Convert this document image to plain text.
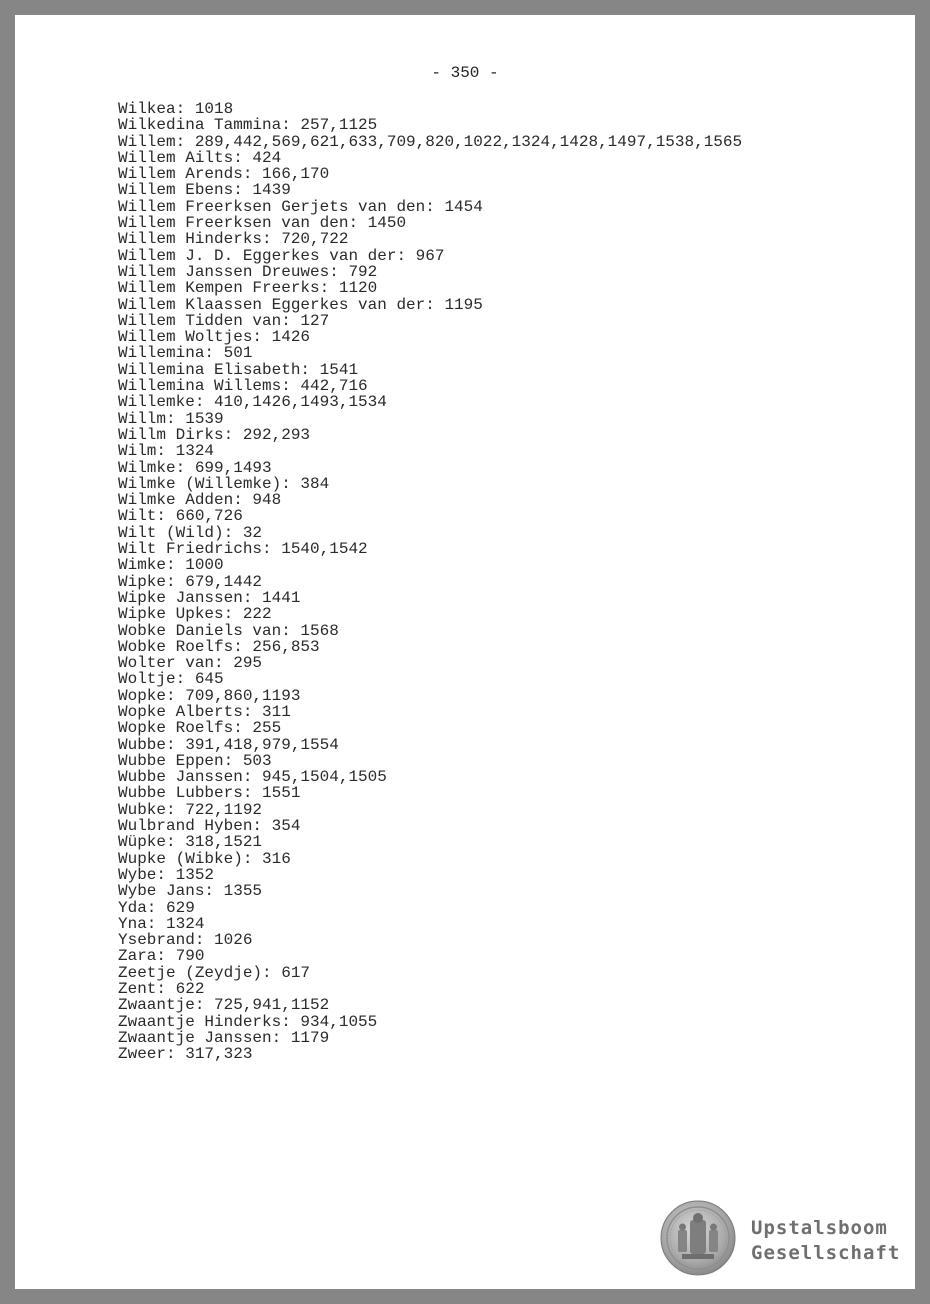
- 350 -
Wilkea: 1018
Wilkedina Tammina: 257,1125
Willem: 289,442,569,621,633,709,820,1022,1324,1428,1497,1538,1565
Willem Ailts: 424
Willem Arends: 166,170
Willem Ebens: 1439
Willem Freerksen Gerjets van den: 1454
Willem Freerksen van den: 1450
Willem Hinderks: 720,722
Willem J. D. Eggerkes van der: 967
Willem Janssen Dreuwes: 792
Willem Kempen Freerks: 1120
Willem Klaassen Eggerkes van der: 1195
Willem Tidden van: 127
Willem Woltjes: 1426
Willemina: 501
Willemina Elisabeth: 1541
Willemina Willems: 442,716
Willemke: 410,1426,1493,1534
Willm: 1539
Willm Dirks: 292,293
Wilm: 1324
Wilmke: 699,1493
Wilmke (Willemke): 384
Wilmke Adden: 948
Wilt: 660,726
Wilt (Wild): 32
Wilt Friedrichs: 1540,1542
Wimke: 1000
Wipke: 679,1442
Wipke Janssen: 1441
Wipke Upkes: 222
Wobke Daniels van: 1568
Wobke Roelfs: 256,853
Wolter van: 295
Woltje: 645
Wopke: 709,860,1193
Wopke Alberts: 311
Wopke Roelfs: 255
Wubbe: 391,418,979,1554
Wubbe Eppen: 503
Wubbe Janssen: 945,1504,1505
Wubbe Lubbers: 1551
Wubke: 722,1192
Wulbrand Hyben: 354
Wüpke: 318,1521
Wupke (Wibke): 316
Wybe: 1352
Wybe Jans: 1355
Yda: 629
Yna: 1324
Ysebrand: 1026
Zara: 790
Zeetje (Zeydje): 617
Zent: 622
Zwaantje: 725,941,1152
Zwaantje Hinderks: 934,1055
Zwaantje Janssen: 1179
Zweer: 317,323
Upstalsboom
Gesellschaft
